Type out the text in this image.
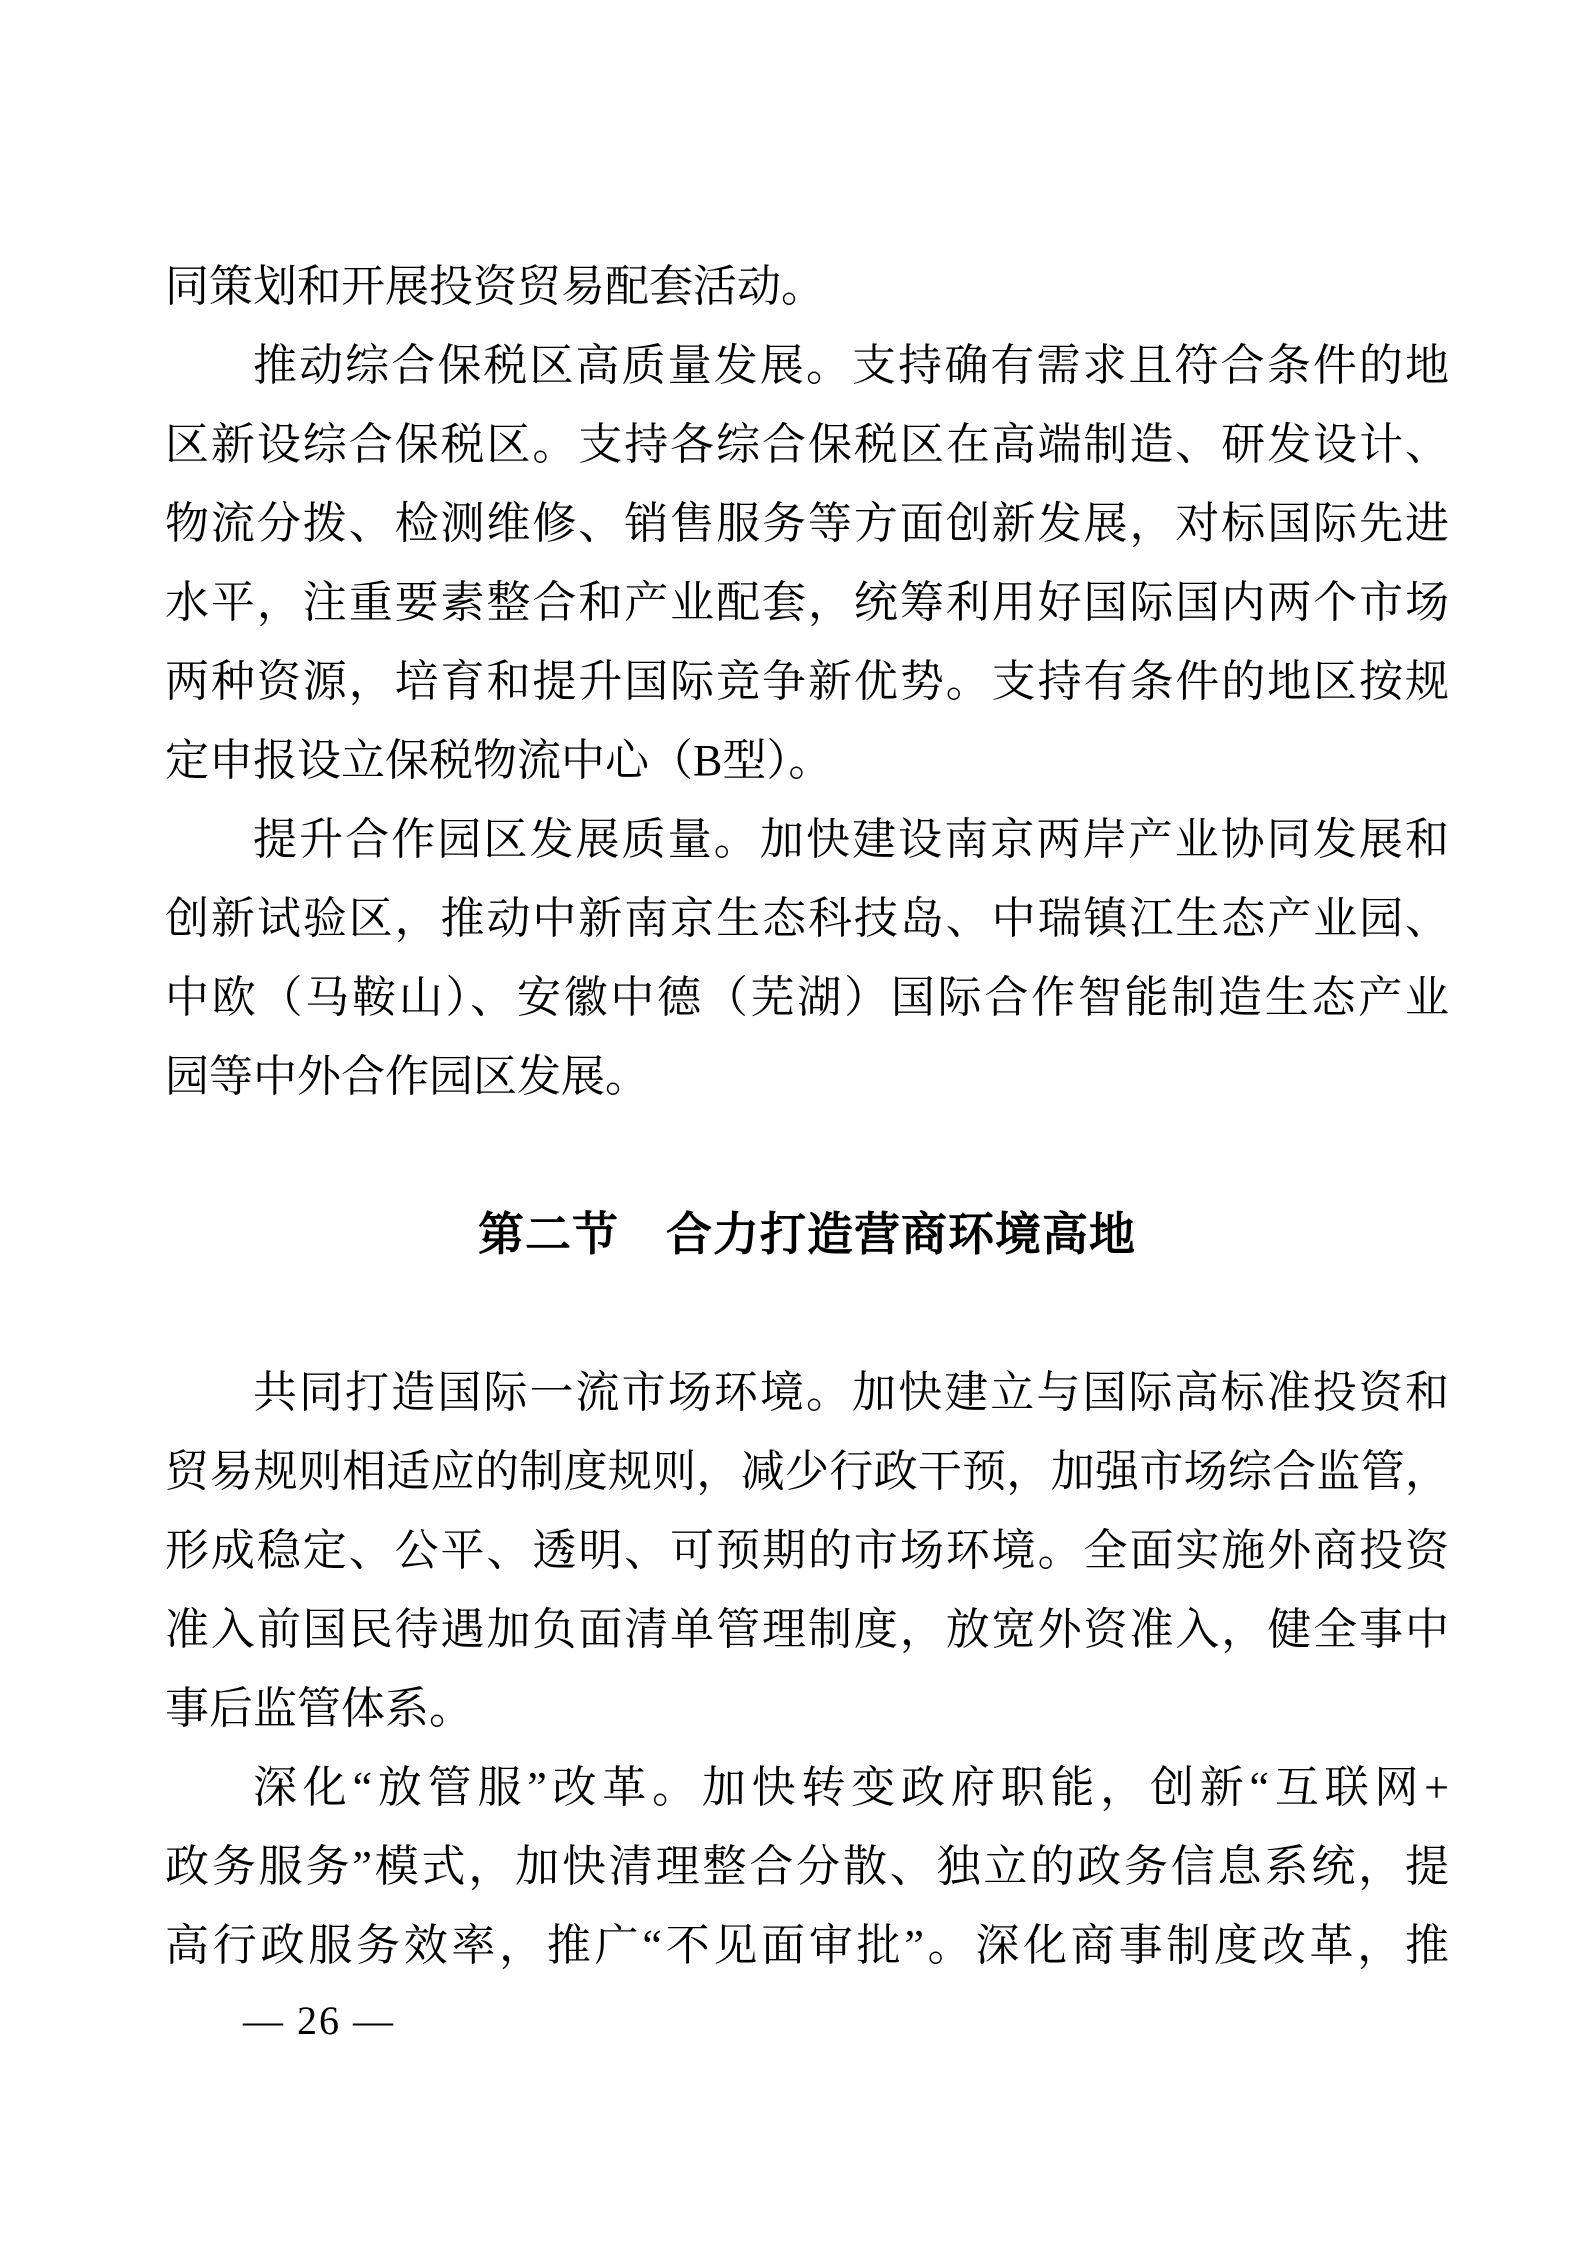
同策划和开展投资贸易配套活动。
推动综合保税区高质量发展。支持确有需求且符合条件的地
区新设综合保税区。支持各综合保税区在高端制造、研发设计、
物流分拨、检测维修、销售服务等方面创新发展，对标国际先进
水平，注重要素整合和产业配套，统筹利用好国际国内两个市场
两种资源，培育和提升国际竞争新优势。支持有条件的地区按规
定申报设立保税物流中心（B型）。
提升合作园区发展质量。加快建设南京两岸产业协同发展和
创新试验区，推动中新南京生态科技岛、中瑞镇江生态产业园、
中欧（马鞍山）、安徽中德（芜湖）国际合作智能制造生态产业
园等中外合作园区发展。
第二节　合力打造营商环境高地
共同打造国际一流市场环境。加快建立与国际高标准投资和
贸易规则相适应的制度规则，减少行政干预，加强市场综合监管，
形成稳定、公平、透明、可预期的市场环境。全面实施外商投资
准入前国民待遇加负面清单管理制度，放宽外资准入，健全事中
事后监管体系。
深化“放管服”改革。加快转变政府职能，创新“互联网+
政务服务”模式，加快清理整合分散、独立的政务信息系统，提
高行政服务效率，推广“不见面审批”。深化商事制度改革，推
— 26 —
